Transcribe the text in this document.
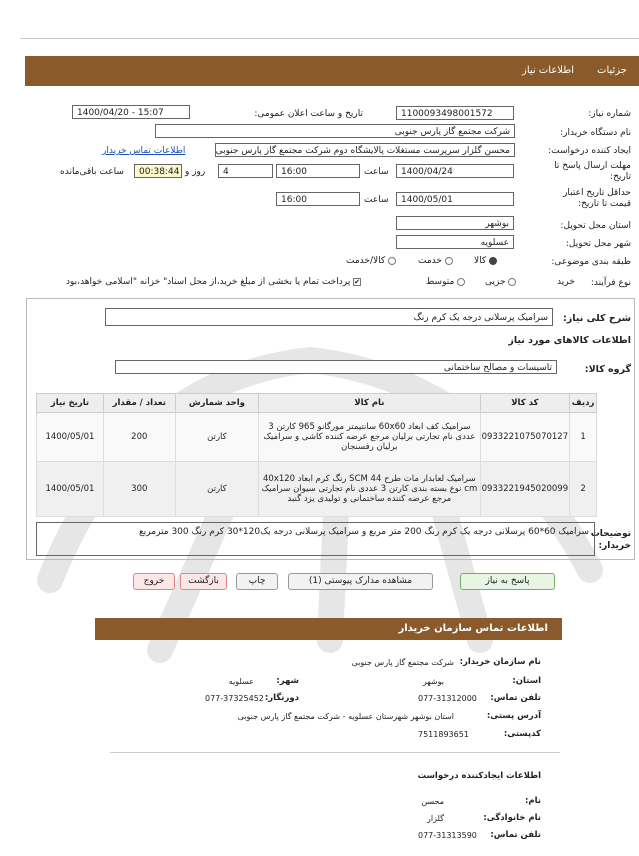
جزئیات
اطلاعات نیاز
شماره نیاز:
1100093498001572
تاریخ و ساعت اعلان عمومی:
1400/04/20 - 15:07
نام دستگاه خریدار:
شرکت مجتمع گاز پارس جنوبی
ایجاد کننده درخواست:
محسن گلزار سرپرست مستغلات پالایشگاه دوم شرکت مجتمع گاز پارس جنوبی
اطلاعات تماس خریدار
مهلت ارسال پاسخ تا تاریخ:
1400/04/24
ساعت
16:00
4
روز و
00:38:44
ساعت باقی‌مانده
حداقل تاریخ اعتبار قیمت تا تاریخ:
1400/05/01
ساعت
16:00
استان محل تحویل:
بوشهر
شهر محل تحویل:
عسلویه
طبقه بندی موضوعی:
کالا
خدمت
کالا/خدمت
نوع فرآیند:
خرید
جزیی
متوسط
✔ پرداخت تمام یا بخشی از مبلغ خرید،از محل اسناد" خزانه "اسلامی خواهد،بود
شرح کلی نیاز:
سرامیک پرسلانی درجه یک کرم رنگ
اطلاعات کالاهای مورد نیاز
گروه کالا:
تاسیسات و مصالح ساختمانی
ردیف	کد کالا	نام کالا	واحد شمارش	تعداد / مقدار	تاریخ نیاز
1	0933221075070127	سرامیک کف ابعاد 60x60 سانتیمتر مورگانو 965 کارتن 3 عددی نام تجارتی برلیان مرجع عرضه کننده کاشی و سرامیک برلیان رفسنجان	کارتن	200	1400/05/01
2	0933221945020099	سرامیک لعابدار مات طرح 44 SCM رنگ کرم ابعاد 40x120 cm نوع بسته بندی کارتن 3 عددی نام تجارتی سیوان سرامیک مرجع عرضه کننده ساختمانی و تولیدی یزد گنبد	کارتن	300	1400/05/01
توضیحات خریدار:
سرامیک 60*60 پرسلانی درجه یک کرم رنگ 200 متر مربع و سرامیک پرسلانی درجه یک120*30 کرم رنگ 300 مترمربع
پاسخ به نیاز
مشاهده مدارک پیوستی (1)
چاپ
بازگشت
خروج
اطلاعات تماس سازمان خریدار
نام سازمان خریدار:
شرکت مجتمع گاز پارس جنوبی
استان:
بوشهر
شهر:
عسلویه
تلفن تماس:
077-31312000
دورنگار:
077-37325452
آدرس پستی:
استان بوشهر شهرستان عسلویه - شرکت مجتمع گاز پارس جنوبی
کدپستی:
7511893651
اطلاعات ایجادکننده درخواست
نام:
محسن
نام خانوادگی:
گلزار
تلفن تماس:
077-31313590
